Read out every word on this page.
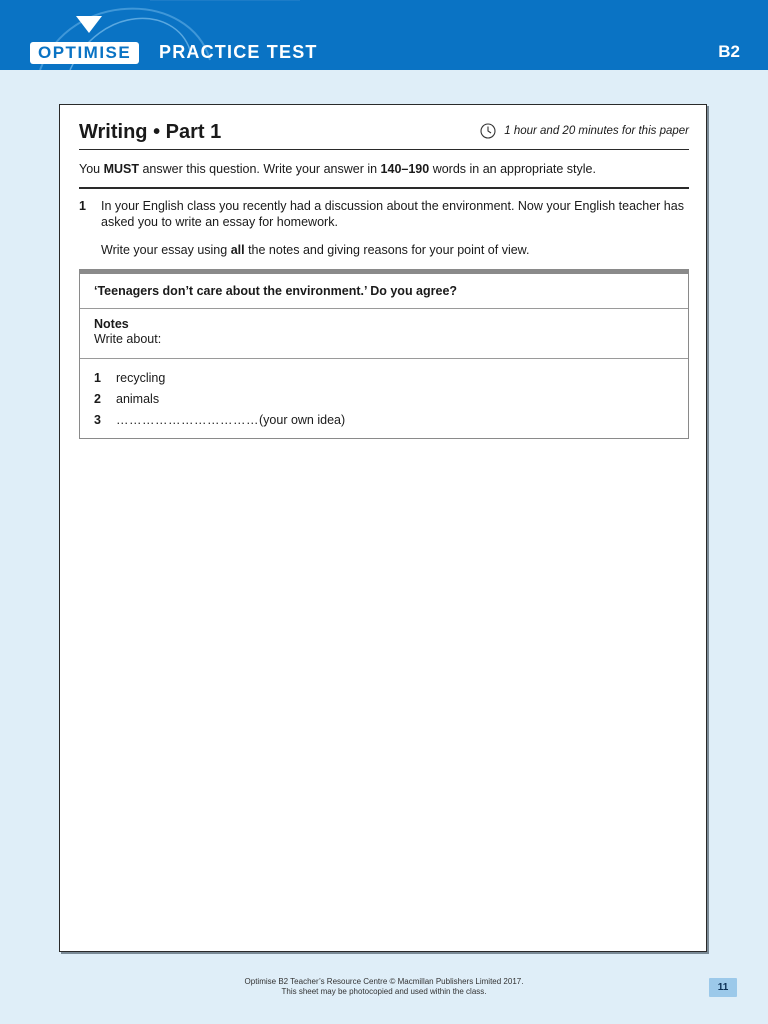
OPTIMISE	PRACTICE TEST	B2
Writing • Part 1	1 hour and 20 minutes for this paper
You MUST answer this question. Write your answer in 140–190 words in an appropriate style.
1 In your English class you recently had a discussion about the environment. Now your English teacher has asked you to write an essay for homework.
Write your essay using all the notes and giving reasons for your point of view.
‘Teenagers don’t care about the environment.’ Do you agree?
Notes
Write about:
1	recycling
2	animals
3	…………………………… (your own idea)
Optimise B2 Teacher’s Resource Centre © Macmillan Publishers Limited 2017.
This sheet may be photocopied and used within the class.	11
